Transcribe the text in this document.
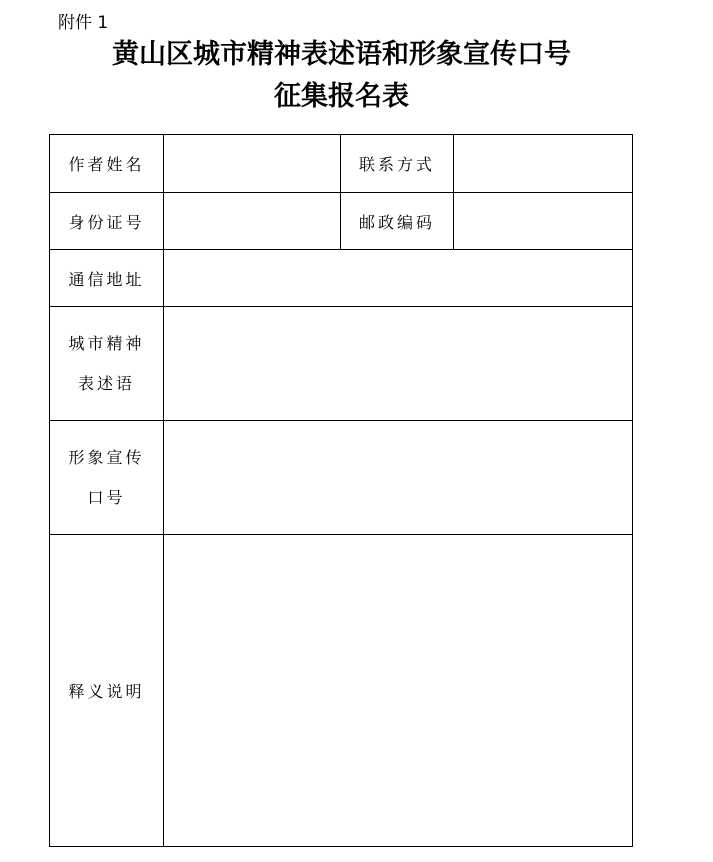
附件 1
黄山区城市精神表述语和形象宣传口号
征集报名表
作者姓名		联系方式	
身份证号		邮政编码	
通信地址			

城市精神
表述语			

形象宣传
口号			

释义说明			
